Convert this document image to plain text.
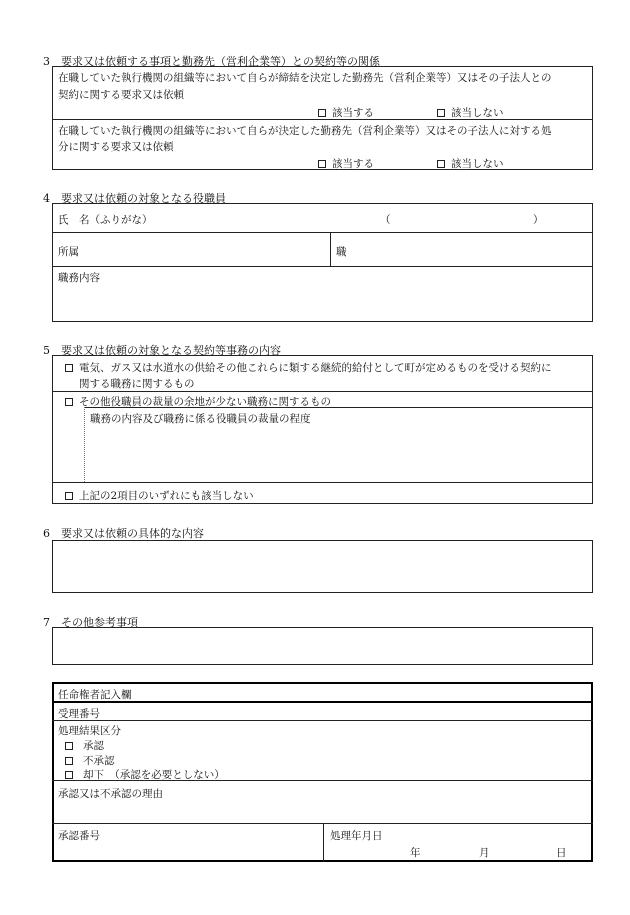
3　要求又は依頼する事項と勤務先（営利企業等）との契約等の関係
在職していた執行機関の組織等において自らが締結を決定した勤務先（営利企業等）又はその子法人との
契約に関する要求又は依頼
該当する	該当しない
在職していた執行機関の組織等において自らが決定した勤務先（営利企業等）又はその子法人に対する処
分に関する要求又は依頼
該当する	該当しない
4　要求又は依頼の対象となる役職員
氏　名（ふりがな）	（	）
所属	職
職務内容
5　要求又は依頼の対象となる契約等事務の内容
電気、ガス又は水道水の供給その他これらに類する継続的給付として町が定めるものを受ける契約に
関する職務に関するもの
その他役職員の裁量の余地が少ない職務に関するもの
職務の内容及び職務に係る役職員の裁量の程度
上記の2項目のいずれにも該当しない
6　要求又は依頼の具体的な内容
7　その他参考事項
任命権者記入欄
受理番号
処理結果区分
承認
不承認
却下　（承認を必要としない）
承認又は不承認の理由
承認番号	処理年月日
年	月	日
